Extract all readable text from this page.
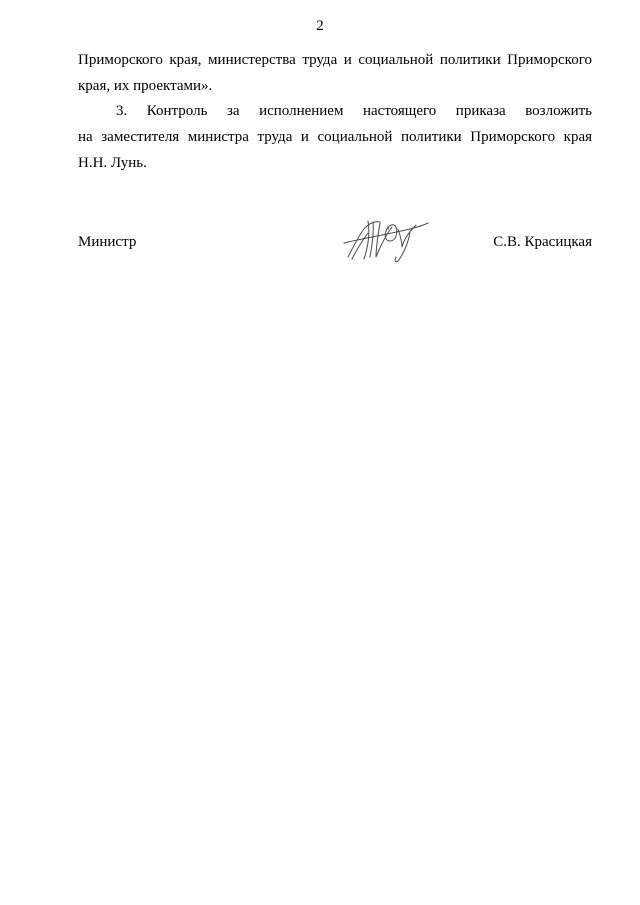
2
Приморского края, министерства труда и социальной политики Приморского
края, их проектами».
3. Контроль за исполнением настоящего приказа возложить
на заместителя министра труда и социальной политики Приморского края
Н.Н. Лунь.
Министр	С.В. Красицкая
